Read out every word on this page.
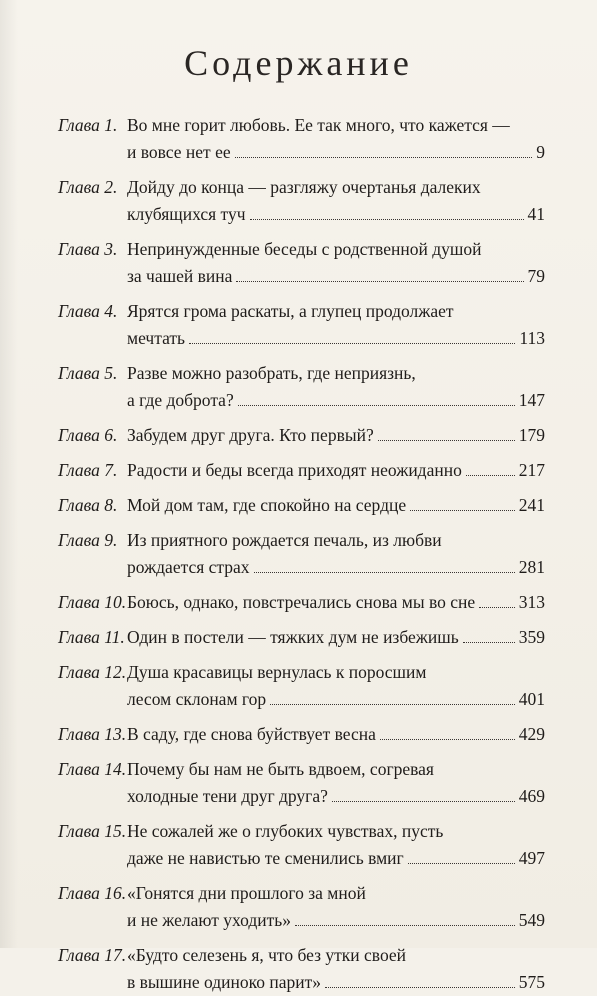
Содержание
Глава 1. Во мне горит любовь. Ее так много, что кажется —
и вовсе нет ее	9
Глава 2. Дойду до конца — разгляжу очертанья далеких
клубящихся туч	41
Глава 3. Непринужденные беседы с родственной душой
за чашей вина	79
Глава 4. Ярятся грома раскаты, а глупец продолжает
мечтать	113
Глава 5. Разве можно разобрать, где неприязнь,
а где доброта?	147
Глава 6. Забудем друг друга. Кто первый?	179
Глава 7. Радости и беды всегда приходят неожиданно	217
Глава 8. Мой дом там, где спокойно на сердце	241
Глава 9. Из приятного рождается печаль, из любви
рождается страх	281
Глава 10. Боюсь, однако, повстречались снова мы во сне 313
Глава 11. Один в постели — тяжких дум не избежишь	359
Глава 12. Душа красавицы вернулась к поросшим
лесом склонам гор	401
Глава 13. В саду, где снова буйствует весна	429
Глава 14. Почему бы нам не быть вдвоем, согревая
холодные тени друг друга?	469
Глава 15. Не сожалей же о глубоких чувствах, пусть
даже не навистью те сменились вмиг	497
Глава 16. «Гонятся дни прошлого за мной
и не желают уходить»	549
Глава 17. «Будто селезень я, что без утки своей
в вышине одиноко парит»	575
